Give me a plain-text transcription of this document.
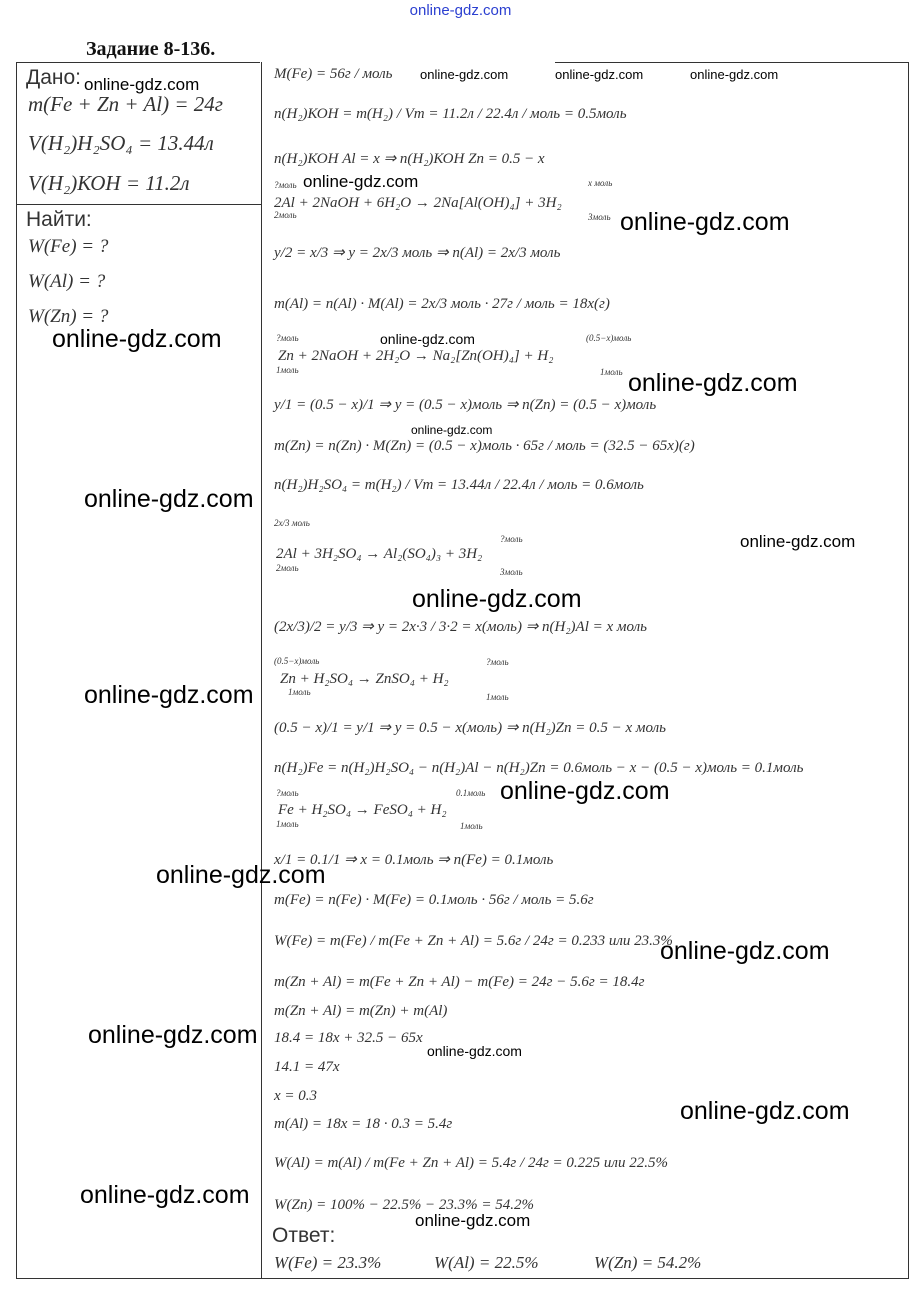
online-gdz.com
Задание 8-136.
Дано:
m(Fe + Zn + Al) = 24г
V(H₂)H₂SO₄ = 13.44л
V(H₂)КОН = 11.2л
Найти:
W(Fe) = ?
W(Al) = ?
W(Zn) = ?
M(Fe) = 56г / моль
n(H₂)КОН = m(H₂) / Vm = 11.2л / 22.4л / моль = 0.5моль
n(H₂)КОН Al = x ⇒ n(H₂)КОН Zn = 0.5 − x
2Al + 2NaOH + 6H₂O → 2Na[Al(OH)₄] + 3H₂
y/2 = x/3 ⇒ y = 2x/3 моль ⇒ n(Al) = 2x/3 моль
m(Al) = n(Al) · M(Al) = 2x/3 моль · 27г / моль = 18x(г)
Zn + 2NaOH + 2H₂O → Na₂[Zn(OH)₄] + H₂
y/1 = (0.5 − x)/1 ⇒ y = (0.5 − x)моль ⇒ n(Zn) = (0.5 − x)моль
m(Zn) = n(Zn) · M(Zn) = (0.5 − x)моль · 65г / моль = (32.5 − 65x)(г)
n(H₂)H₂SO₄ = m(H₂) / Vm = 13.44л / 22.4л / моль = 0.6моль
2Al + 3H₂SO₄ → Al₂(SO₄)₃ + 3H₂
(2x/3)/2 = y/3 ⇒ y = 2x·3 / 3·2 = x(моль) ⇒ n(H₂)Al = x моль
Zn + H₂SO₄ → ZnSO₄ + H₂
(0.5 − x)/1 = y/1 ⇒ y = 0.5 − x(моль) ⇒ n(H₂)Zn = 0.5 − x моль
n(H₂)Fe = n(H₂)H₂SO₄ − n(H₂)Al − n(H₂)Zn = 0.6моль − x − (0.5 − x)моль = 0.1моль
Fe + H₂SO₄ → FeSO₄ + H₂
x/1 = 0.1/1 ⇒ x = 0.1моль ⇒ n(Fe) = 0.1моль
m(Fe) = n(Fe) · M(Fe) = 0.1моль · 56г / моль = 5.6г
W(Fe) = m(Fe) / m(Fe + Zn + Al) = 5.6г / 24г = 0.233 или 23.3%
m(Zn + Al) = m(Fe + Zn + Al) − m(Fe) = 24г − 5.6г = 18.4г
m(Zn + Al) = m(Zn) + m(Al)
18.4 = 18x + 32.5 − 65x
14.1 = 47x
x = 0.3
m(Al) = 18x = 18 · 0.3 = 5.4г
W(Al) = m(Al) / m(Fe + Zn + Al) = 5.4г / 24г = 0.225 или 22.5%
W(Zn) = 100% − 22.5% − 23.3% = 54.2%
?моль
2моль
x моль
3моль
?моль
1моль
(0.5−x)моль
1моль
2x/3 моль
2моль
?моль
3моль
(0.5−x)моль
1моль
?моль
1моль
?моль
1моль
0.1моль
1моль
Ответ:
W(Fe) = 23.3%	W(Al) = 22.5%	W(Zn) = 54.2%
online-gdz.com
online-gdz.com	online-gdz.com	online-gdz.com
online-gdz.com
online-gdz.com
online-gdz.com	online-gdz.com
online-gdz.com
online-gdz.com
online-gdz.com
online-gdz.com
online-gdz.com
online-gdz.com
online-gdz.com
online-gdz.com
online-gdz.com
online-gdz.com
online-gdz.com
online-gdz.com
online-gdz.com
online-gdz.com
